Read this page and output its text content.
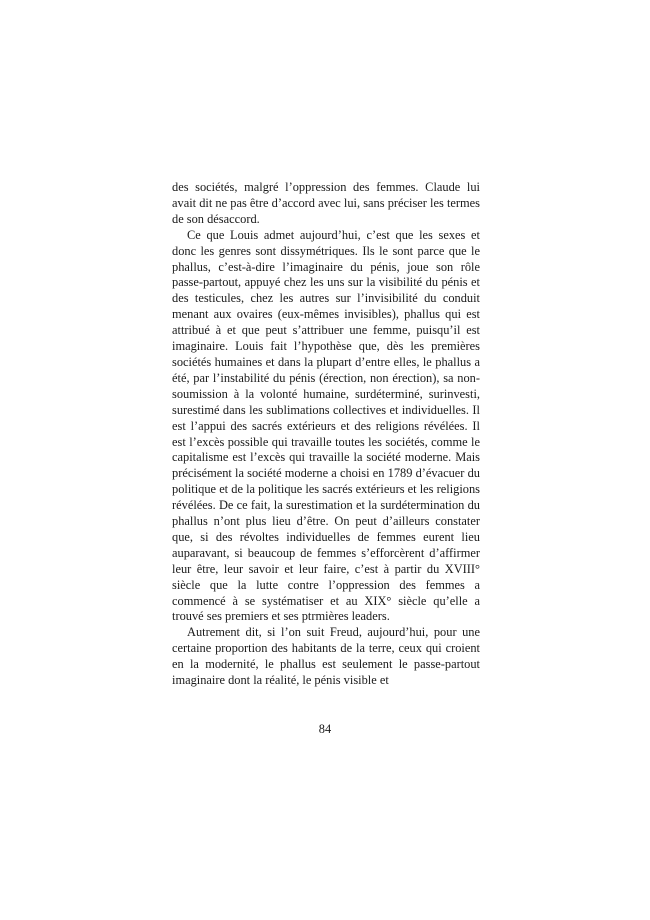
des sociétés, malgré l’oppression des femmes. Claude lui avait dit ne pas être d’accord avec lui, sans préciser les termes de son désaccord.

Ce que Louis admet aujourd’hui, c’est que les sexes et donc les genres sont dissymétriques. Ils le sont parce que le phallus, c’est-à-dire l’imaginaire du pénis, joue son rôle passe-partout, appuyé chez les uns sur la visibilité du pénis et des testicules, chez les autres sur l’invisibilité du conduit menant aux ovaires (eux-mêmes invisibles), phallus qui est attribué à et que peut s’attribuer une femme, puisqu’il est imaginaire. Louis fait l’hypothèse que, dès les premières sociétés humaines et dans la plupart d’entre elles, le phallus a été, par l’instabilité du pénis (érection, non érection), sa non- soumission à la volonté humaine, surdéterminé, surinvesti, surestimé dans les sublimations collectives et individuelles. Il est l’appui des sacrés extérieurs et des religions révélées. Il est l’excès possible qui travaille toutes les sociétés, comme le capitalisme est l’excès qui travaille la société moderne. Mais précisément la société moderne a choisi en 1789 d’évacuer du politique et de la politique les sacrés extérieurs et les religions révélées. De ce fait, la surestimation et la surdétermination du phallus n’ont plus lieu d’être. On peut d’ailleurs constater que, si des révoltes individuelles de femmes eurent lieu auparavant, si beaucoup de femmes s’efforcèrent d’affirmer leur être, leur savoir et leur faire, c’est à partir du XVIII° siècle que la lutte contre l’oppression des femmes a commencé à se systématiser et au XIX° siècle qu’elle a trouvé ses premiers et ses ptrmières leaders.

Autrement dit, si l’on suit Freud, aujourd’hui, pour une certaine proportion des habitants de la terre, ceux qui croient en la modernité, le phallus est seulement le passe-partout imaginaire dont la réalité, le pénis visible et

84
